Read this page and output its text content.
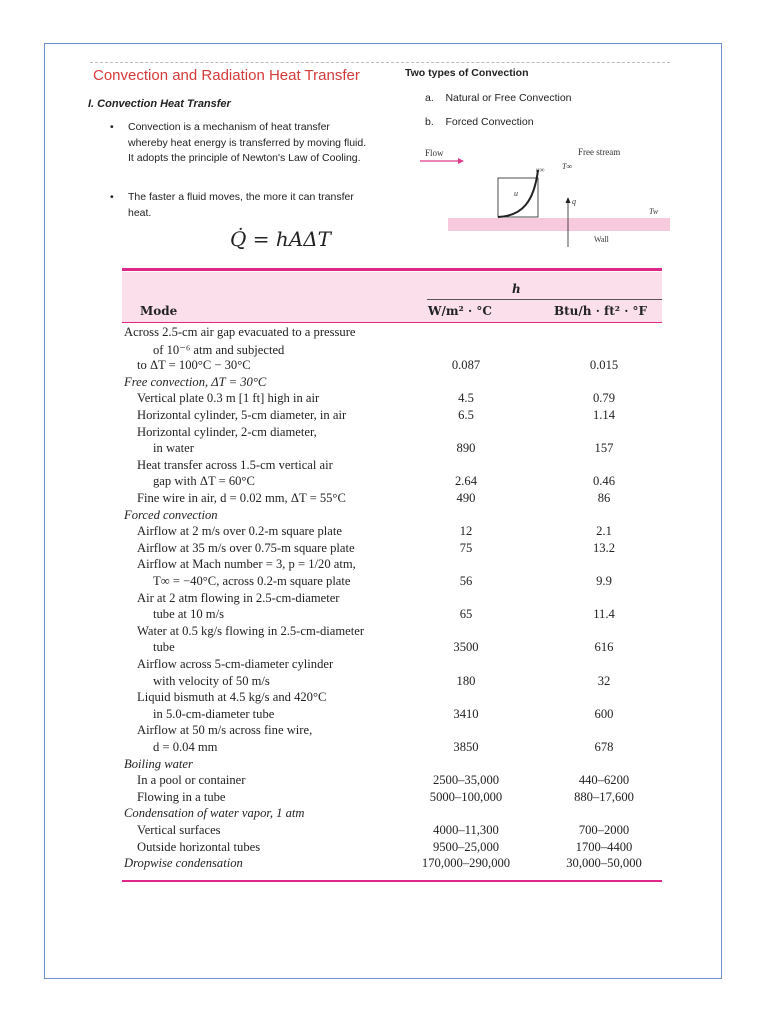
Convection and Radiation Heat Transfer
I. Convection Heat Transfer
• Convection is a mechanism of heat transfer whereby heat energy is transferred by moving fluid. It adopts the principle of Newton's Law of Cooling.
• The faster a fluid moves, the more it can transfer heat.
Q̇ = hAΔT
Two types of Convection
a. Natural or Free Convection
b. Forced Convection
Flow	Free stream
u∞ T∞
u
q
Tw
Wall
h
Mode	W/m² · °C	Btu/h · ft² · °F
Across 2.5-cm air gap evacuated to a pressure
of 10⁻⁶ atm and subjected
to ΔT = 100°C − 30°C	0.087	0.015
Free convection, ΔT = 30°C
Vertical plate 0.3 m [1 ft] high in air	4.5	0.79
Horizontal cylinder, 5-cm diameter, in air	6.5	1.14
Horizontal cylinder, 2-cm diameter,
in water	890	157
Heat transfer across 1.5-cm vertical air
gap with ΔT = 60°C	2.64	0.46
Fine wire in air, d = 0.02 mm, ΔT = 55°C	490	86
Forced convection
Airflow at 2 m/s over 0.2-m square plate	12	2.1
Airflow at 35 m/s over 0.75-m square plate	75	13.2
Airflow at Mach number = 3, p = 1/20 atm,
T∞ = −40°C, across 0.2-m square plate	56	9.9
Air at 2 atm flowing in 2.5-cm-diameter
tube at 10 m/s	65	11.4
Water at 0.5 kg/s flowing in 2.5-cm-diameter
tube	3500	616
Airflow across 5-cm-diameter cylinder
with velocity of 50 m/s	180	32
Liquid bismuth at 4.5 kg/s and 420°C
in 5.0-cm-diameter tube	3410	600
Airflow at 50 m/s across fine wire,
d = 0.04 mm	3850	678
Boiling water
In a pool or container	2500–35,000	440–6200
Flowing in a tube	5000–100,000	880–17,600
Condensation of water vapor, 1 atm
Vertical surfaces	4000–11,300	700–2000
Outside horizontal tubes	9500–25,000	1700–4400
Dropwise condensation	170,000–290,000	30,000–50,000
